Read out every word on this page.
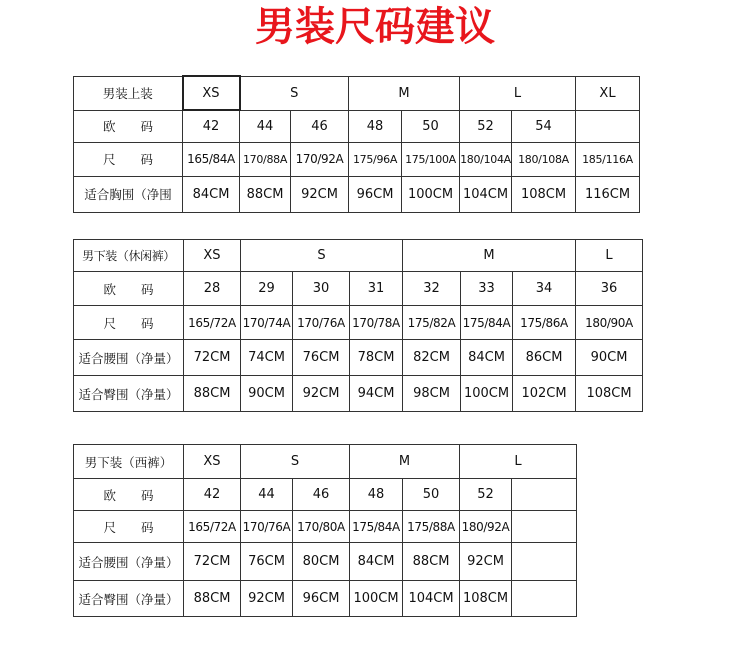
男装尺码建议
男装上装	XS	S		M		L		XL
欧　　码	42	44	46	48	50	52	54	
尺　　码	165/84A	170/88A	170/92A	175/96A	175/100A	180/104A	180/108A	185/116A
适合胸围（净围	84CM	88CM	92CM	96CM	100CM	104CM	108CM	116CM
男下装（休闲裤）	XS	S			M			L
欧　　码	28	29	30	31	32	33	34	36
尺　　码	165/72A	170/74A	170/76A	170/78A	175/82A	175/84A	175/86A	180/90A
适合腰围（净量）	72CM	74CM	76CM	78CM	82CM	84CM	86CM	90CM
适合臀围（净量）	88CM	90CM	92CM	94CM	98CM	100CM	102CM	108CM
男下装（西裤）	XS	S		M		L	
欧　　码	42	44	46	48	50	52	
尺　　码	165/72A	170/76A	170/80A	175/84A	175/88A	180/92A	
适合腰围（净量）	72CM	76CM	80CM	84CM	88CM	92CM	
适合臀围（净量）	88CM	92CM	96CM	100CM	104CM	108CM	
